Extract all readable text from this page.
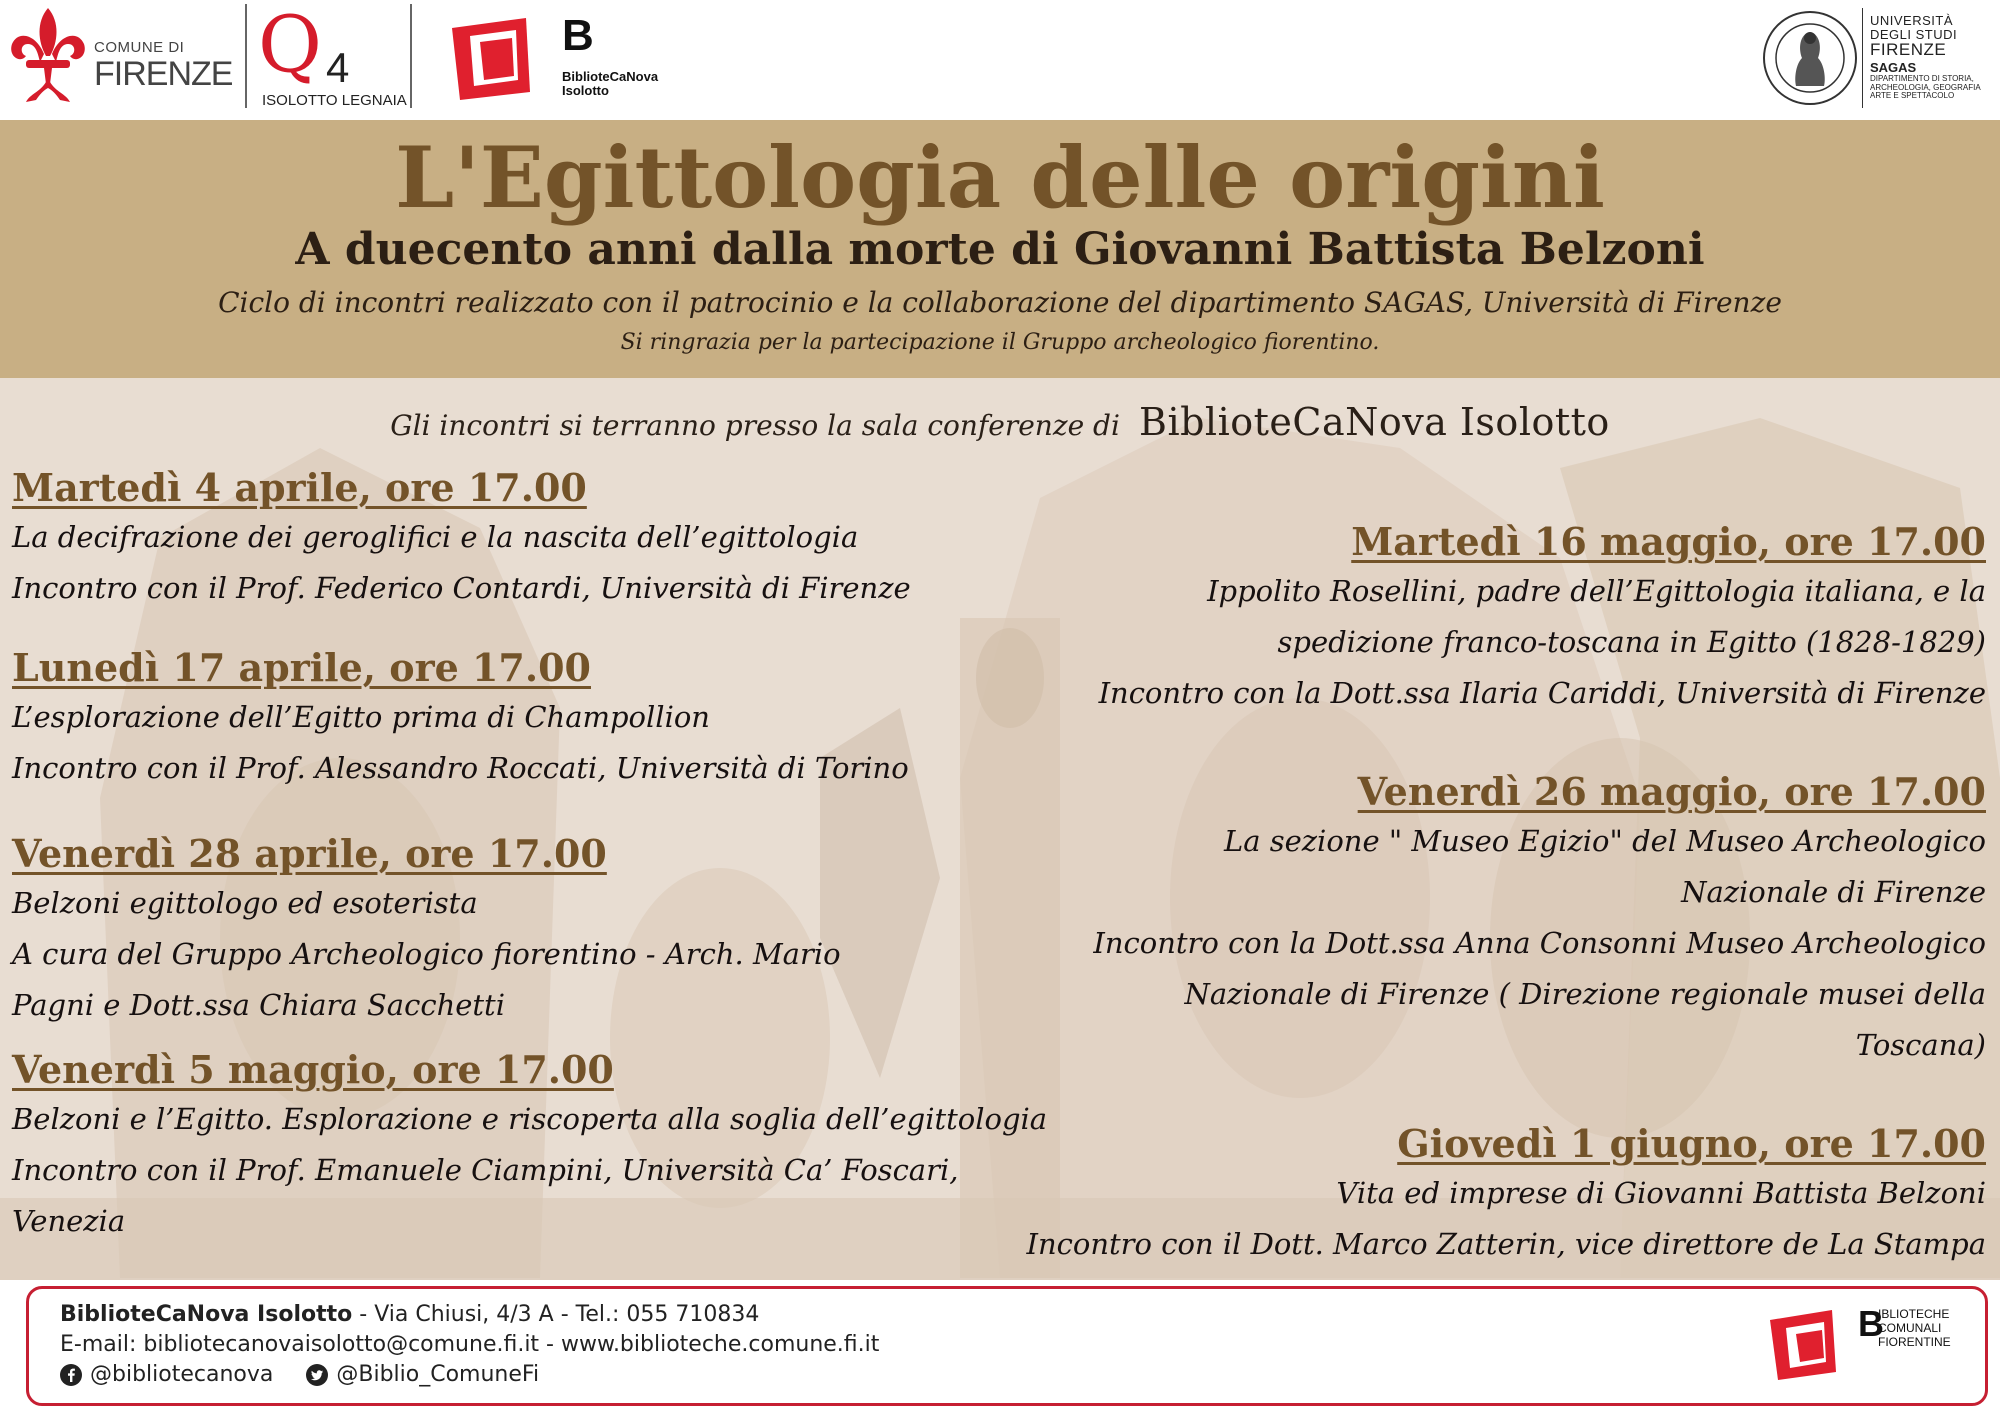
COMUNE DI
FIRENZE Q 4
ISOLOTTO LEGNAIA
B
BiblioteCaNova
Isolotto
UNIVERSITÀ
DEGLI STUDI
FIRENZE
SAGAS
DIPARTIMENTO DI STORIA, ARCHEOLOGIA, GEOGRAFIA ARTE E SPETTACOLO
L'Egittologia delle origini
A duecento anni dalla morte di Giovanni Battista Belzoni
Ciclo di incontri realizzato con il patrocinio e la collaborazione del dipartimento SAGAS, Università di Firenze
Si ringrazia per la partecipazione il Gruppo archeologico fiorentino.
Gli incontri si terranno presso la sala conferenze di BiblioteCaNova Isolotto
Martedì 4 aprile, ore 17.00
La decifrazione dei geroglifici e la nascita dell’egittologia
Incontro con il Prof. Federico Contardi, Università di Firenze
Lunedì 17 aprile, ore 17.00
L’esplorazione dell’Egitto prima di Champollion
Incontro con il Prof. Alessandro Roccati, Università di Torino
Venerdì 28 aprile, ore 17.00
Belzoni egittologo ed esoterista
A cura del Gruppo Archeologico fiorentino - Arch. Mario
Pagni e Dott.ssa Chiara Sacchetti
Venerdì 5 maggio, ore 17.00
Belzoni e l’Egitto. Esplorazione e riscoperta alla soglia dell’egittologia
Incontro con il Prof. Emanuele Ciampini, Università Ca’ Foscari,
Venezia
Martedì 16 maggio, ore 17.00
Ippolito Rosellini, padre dell’Egittologia italiana, e la
spedizione franco-toscana in Egitto (1828-1829)
Incontro con la Dott.ssa Ilaria Cariddi, Università di Firenze
Venerdì 26 maggio, ore 17.00
La sezione " Museo Egizio" del Museo Archeologico
Nazionale di Firenze
Incontro con la Dott.ssa Anna Consonni Museo Archeologico
Nazionale di Firenze ( Direzione regionale musei della
Toscana)
Giovedì 1 giugno, ore 17.00
Vita ed imprese di Giovanni Battista Belzoni
Incontro con il Dott. Marco Zatterin, vice direttore de La Stampa
BiblioteCaNova Isolotto - Via Chiusi, 4/3 A - Tel.: 055 710834
E-mail: bibliotecanovaisolotto@comune.fi.it - www.biblioteche.comune.fi.it
@bibliotecanova
	@Biblio_ComuneFi
B
IBLIOTECHE
COMUNALI
FIORENTINE
